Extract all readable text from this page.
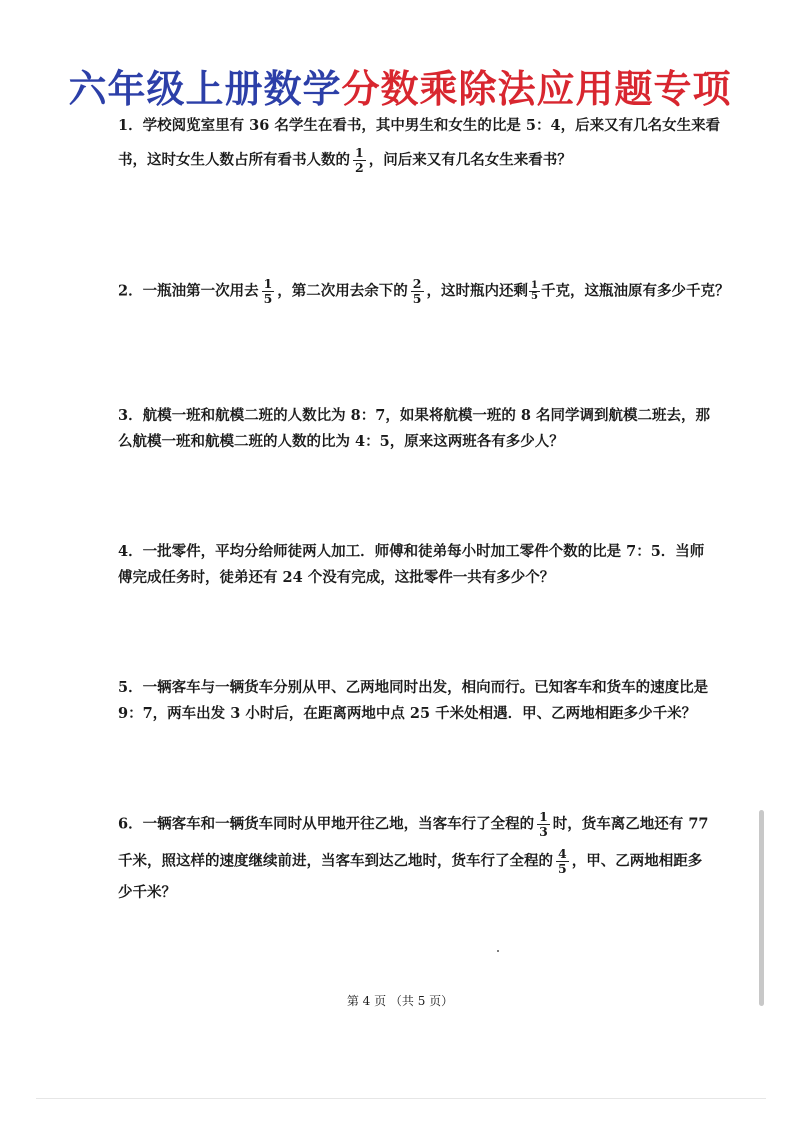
六年级上册数学分数乘除法应用题专项
1．学校阅览室里有 36 名学生在看书，其中男生和女生的比是 5：4，后来又有几名女生来看
书，这时女生人数占所有看书人数的 $\frac{1}{2}$ ，问后来又有几名女生来看书？
2．一瓶油第一次用去 $\frac{1}{5}$ ，第二次用去余下的 $\frac{2}{5}$ ，这时瓶内还剩 $\frac{1}{5}$ 千克，这瓶油原有多少千克？
3．航模一班和航模二班的人数比为 8：7，如果将航模一班的 8 名同学调到航模二班去，那
么航模一班和航模二班的人数的比为 4：5，原来这两班各有多少人？
4．一批零件，平均分给师徒两人加工．师傅和徒弟每小时加工零件个数的比是 7：5．当师
傅完成任务时，徒弟还有 24 个没有完成，这批零件一共有多少个？
5．一辆客车与一辆货车分别从甲、乙两地同时出发，相向而行。已知客车和货车的速度比是
9：7，两车出发 3 小时后，在距离两地中点 25 千米处相遇．甲、乙两地相距多少千米？
6．一辆客车和一辆货车同时从甲地开往乙地，当客车行了全程的 $\frac{1}{3}$ 时，货车离乙地还有 77
千米，照这样的速度继续前进，当客车到达乙地时，货车行了全程的 $\frac{4}{5}$ ，甲、乙两地相距多
少千米？
第 4 页 （共 5 页）
